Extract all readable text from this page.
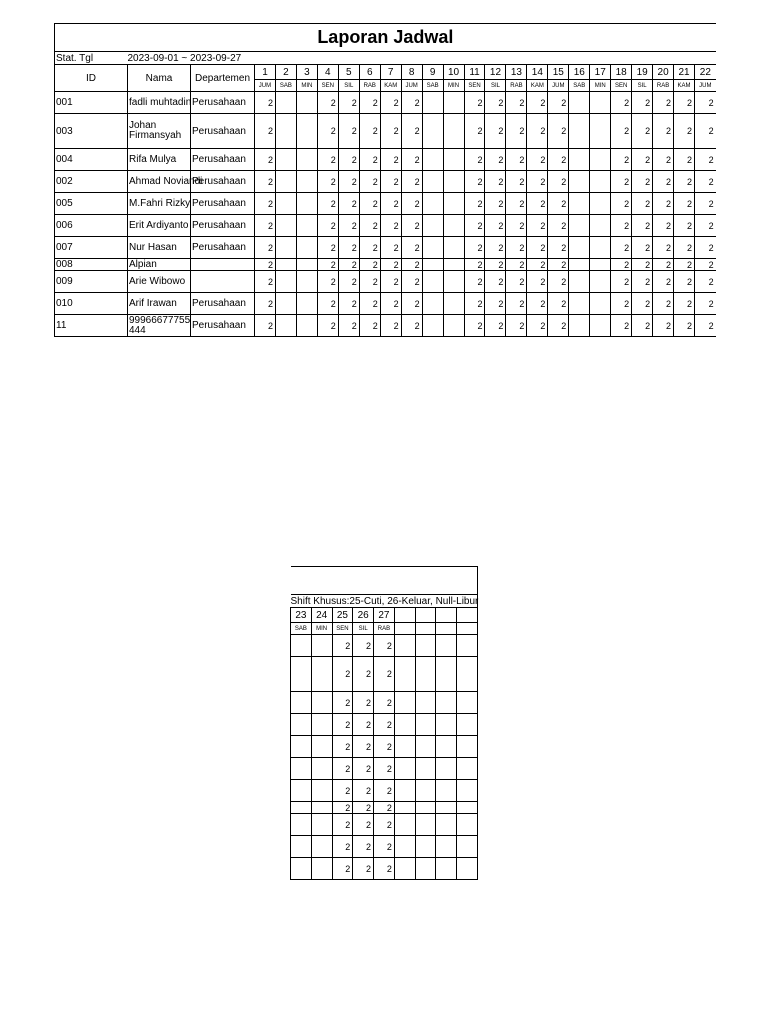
Laporan Jadwal																								
Stat. Tgl	2023-09-01 ~ 2023-09-27																							
ID	Nama	Departemen	1	2	3	4	5	6	7	8	9	10	11	12	13	14	15	16	17	18	19	20	21	22
			JUM	SAB	MIN	SEN	SIL	RAB	KAM	JUM	SAB	MIN	SEN	SIL	RAB	KAM	JUM	SAB	MIN	SEN	SIL	RAB	KAM	JUM
001	fadli muhtadin	Perusahaan	2			2	2	2	2	2			2	2	2	2	2			2	2	2	2	2
003	Johan Firmansyah	Perusahaan	2			2	2	2	2	2			2	2	2	2	2			2	2	2	2	2
004	Rifa Mulya	Perusahaan	2			2	2	2	2	2			2	2	2	2	2			2	2	2	2	2
002	Ahmad Noviandi	Perusahaan	2			2	2	2	2	2			2	2	2	2	2			2	2	2	2	2
005	M.Fahri Rizky	Perusahaan	2			2	2	2	2	2			2	2	2	2	2			2	2	2	2	2
006	Erit Ardiyanto	Perusahaan	2			2	2	2	2	2			2	2	2	2	2			2	2	2	2	2
007	Nur Hasan	Perusahaan	2			2	2	2	2	2			2	2	2	2	2			2	2	2	2	2
008	Alpian		2			2	2	2	2	2			2	2	2	2	2			2	2	2	2	2
009	Arie Wibowo		2			2	2	2	2	2			2	2	2	2	2			2	2	2	2	2
010	Arif Irawan	Perusahaan	2			2	2	2	2	2			2	2	2	2	2			2	2	2	2	2
11	99966677755 444	Perusahaan	2			2	2	2	2	2			2	2	2	2	2			2	2	2	2	2

Shift Khusus:25-Cuti, 26-Keluar, Null-Libur								
23	24	25	26	27				
SAB	MIN	SEN	SIL	RAB				
		2	2	2				
		2	2	2				
		2	2	2				
		2	2	2				
		2	2	2				
		2	2	2				
		2	2	2				
		2	2	2				
		2	2	2				
		2	2	2				
		2	2	2				
